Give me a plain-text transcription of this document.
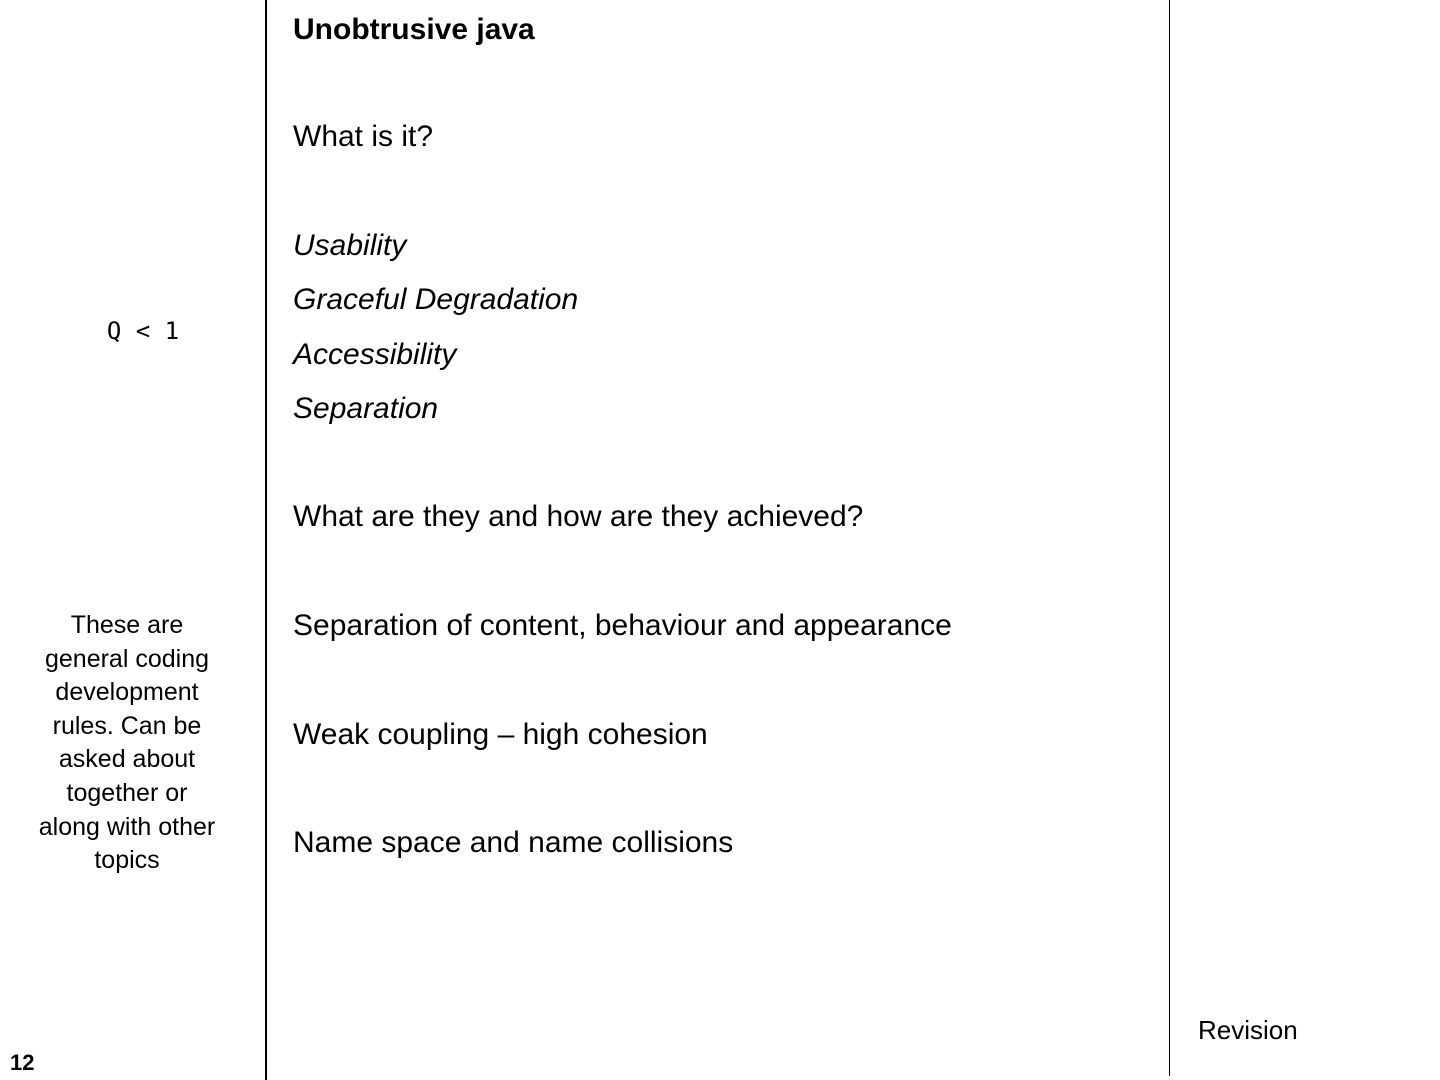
Q < 1
These are
general coding
development
rules. Can be
asked about
together or
along with other
topics
12
Unobtrusive java
What is it?
Usability
Graceful Degradation
Accessibility
Separation
What are they and how are they achieved?
Separation of content, behaviour and appearance
Weak coupling – high cohesion
Name space and name collisions
Revision
